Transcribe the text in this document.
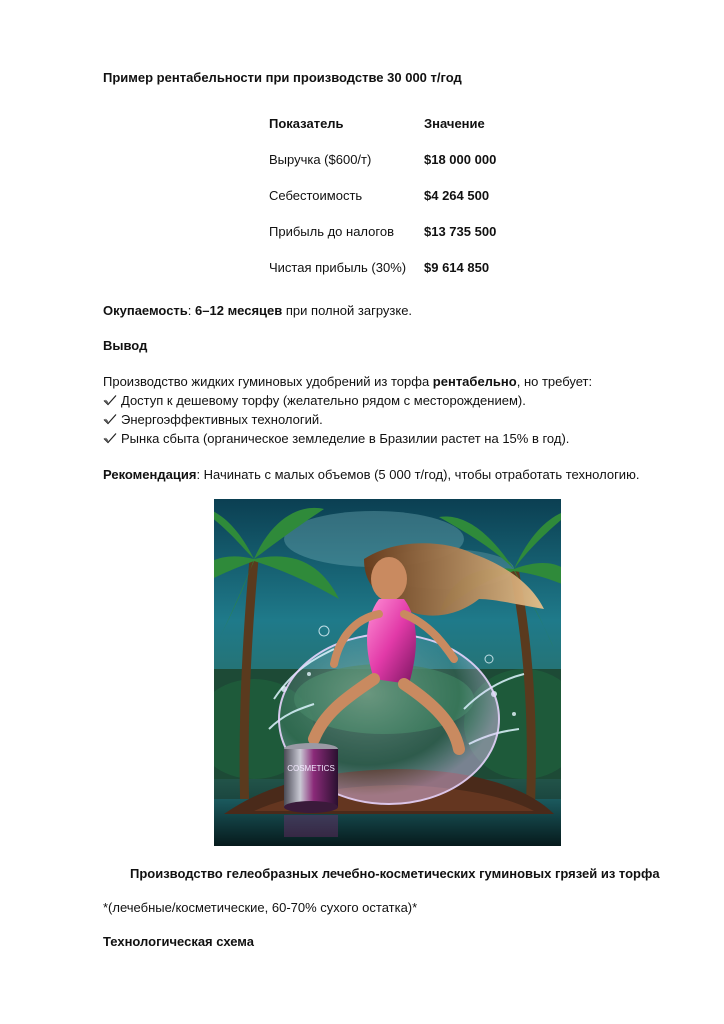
Пример рентабельности при производстве 30 000 т/год
Показатель	Значение
Выручка ($600/т)	$18 000 000
Себестоимость	$4 264 500
Прибыль до налогов	$13 735 500
Чистая прибыль (30%)	$9 614 850
Окупаемость: 6–12 месяцев при полной загрузке.
Вывод
Производство жидких гуминовых удобрений из торфа рентабельно, но требует:
Доступ к дешевому торфу (желательно рядом с месторождением).
Энергоэффективных технологий.
Рынка сбыта (органическое земледелие в Бразилии растет на 15% в год).
Рекомендация: Начинать с малых объемов (5 000 т/год), чтобы отработать технологию.
COSMETICS
Производство гелеобразных лечебно-косметических гуминовых грязей из торфа
*(лечебные/косметические, 60-70% сухого остатка)*
Технологическая схема
